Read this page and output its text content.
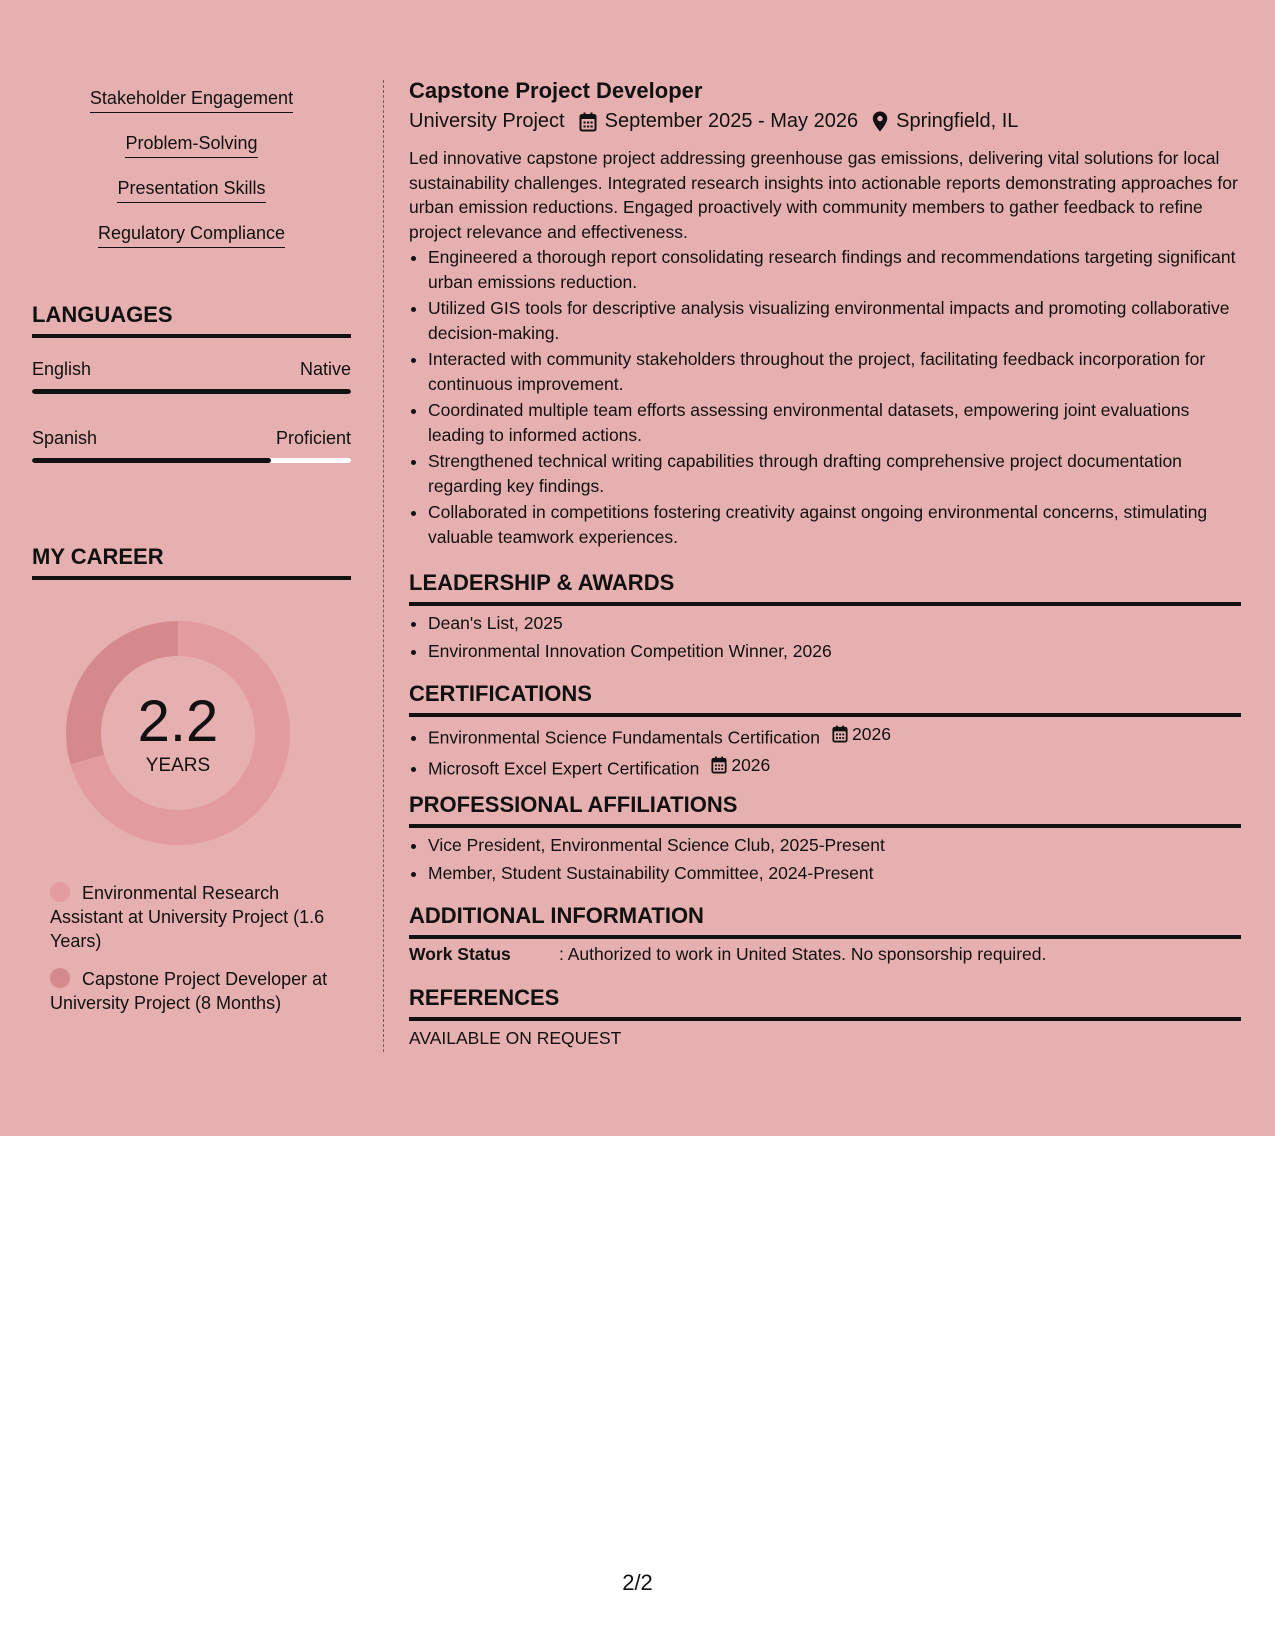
Stakeholder Engagement
Problem-Solving
Presentation Skills
Regulatory Compliance
LANGUAGES
English	Native
Spanish	Proficient
MY CAREER
2.2
YEARS
Environmental Research Assistant at University Project (1.6 Years)
Capstone Project Developer at University Project (8 Months)
Capstone Project Developer
University Project September 2025 - May 2026 Springfield, IL

Led innovative capstone project addressing greenhouse gas emissions, delivering vital solutions for local sustainability challenges. Integrated research insights into actionable reports demonstrating approaches for urban emission reductions. Engaged proactively with community members to gather feedback to refine project relevance and effectiveness.

• Engineered a thorough report consolidating research findings and recommendations targeting significant urban emissions reduction.
• Utilized GIS tools for descriptive analysis visualizing environmental impacts and promoting collaborative decision-making.
• Interacted with community stakeholders throughout the project, facilitating feedback incorporation for continuous improvement.
• Coordinated multiple team efforts assessing environmental datasets, empowering joint evaluations leading to informed actions.
• Strengthened technical writing capabilities through drafting comprehensive project documentation regarding key findings.
• Collaborated in competitions fostering creativity against ongoing environmental concerns, stimulating valuable teamwork experiences.
LEADERSHIP & AWARDS
• Dean's List, 2025
• Environmental Innovation Competition Winner, 2026
CERTIFICATIONS
• Environmental Science Fundamentals Certification 2026
• Microsoft Excel Expert Certification 2026
PROFESSIONAL AFFILIATIONS
• Vice President, Environmental Science Club, 2025-Present
• Member, Student Sustainability Committee, 2024-Present
ADDITIONAL INFORMATION
Work Status	: Authorized to work in United States. No sponsorship required.
REFERENCES
AVAILABLE ON REQUEST
2/2
